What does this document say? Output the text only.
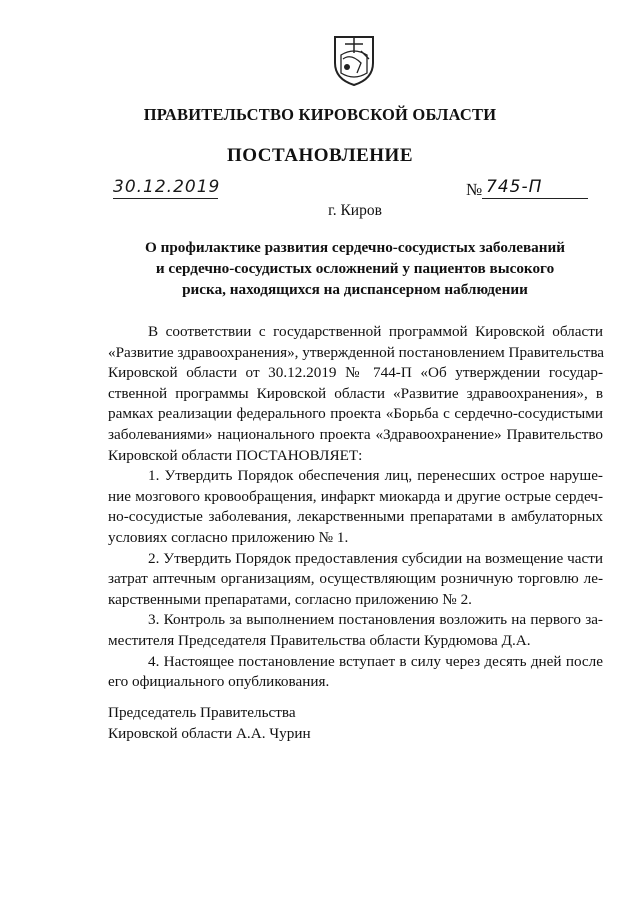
ПРАВИТЕЛЬСТВО КИРОВСКОЙ ОБЛАСТИ
ПОСТАНОВЛЕНИЕ
30.12.2019	№ 745-П
г. Киров
О профилактике развития сердечно-сосудистых заболеваний
и сердечно-сосудистых осложнений у пациентов высокого
риска, находящихся на диспансерном наблюдении
В соответствии с государственной программой Кировской области
«Развитие здравоохранения», утвержденной постановлением Правительства
Кировской области от 30.12.2019 № 744-П «Об утверждении государ-
ственной программы Кировской области «Развитие здравоохранения», в
рамках реализации федерального проекта «Борьба с сердечно-сосудистыми
заболеваниями» национального проекта «Здравоохранение» Правительство
Кировской области ПОСТАНОВЛЯЕТ:
1. Утвердить Порядок обеспечения лиц, перенесших острое наруше-
ние мозгового кровообращения, инфаркт миокарда и другие острые сердеч-
но-сосудистые заболевания, лекарственными препаратами в амбулаторных
условиях согласно приложению № 1.
2. Утвердить Порядок предоставления субсидии на возмещение части
затрат аптечным организациям, осуществляющим розничную торговлю ле-
карственными препаратами, согласно приложению № 2.
3. Контроль за выполнением постановления возложить на первого за-
местителя Председателя Правительства области Курдюмова Д.А.
4. Настоящее постановление вступает в силу через десять дней после
его официального опубликования.
Председатель Правительства
Кировской области А.А. Чурин
